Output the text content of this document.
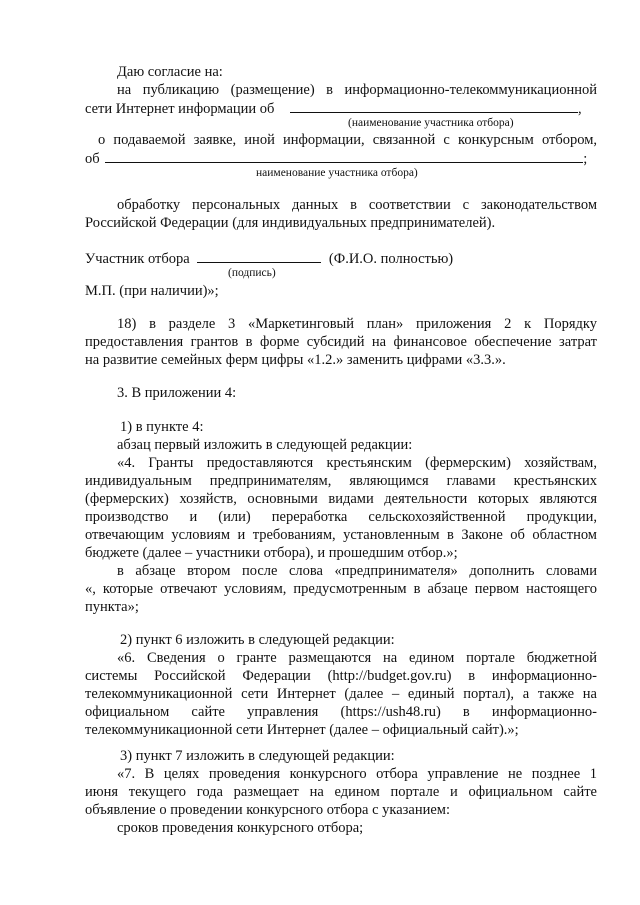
Даю согласие на:
на публикацию (размещение) в информационно-телекоммуникационной
сети Интернет информации об	,
(наименование участника отбора)
о подаваемой заявке, иной информации, связанной с конкурсным отбором,
об	;
наименование участника отбора)
обработку персональных данных в соответствии с законодательством
Российской Федерации (для индивидуальных предпринимателей).
Участник отбора	(Ф.И.О. полностью)
(подпись)
М.П. (при наличии)»;
18) в разделе 3 «Маркетинговый план» приложения 2 к Порядку
предоставления грантов в форме субсидий на финансовое обеспечение затрат
на развитие семейных ферм цифры «1.2.» заменить цифрами «3.3.».
3. В приложении 4:
1) в пункте 4:
абзац первый изложить в следующей редакции:
«4. Гранты предоставляются крестьянским (фермерским) хозяйствам,
индивидуальным предпринимателям, являющимся главами крестьянских
(фермерских) хозяйств, основными видами деятельности которых являются
производство и (или) переработка сельскохозяйственной продукции,
отвечающим условиям и требованиям, установленным в Законе об областном
бюджете (далее – участники отбора), и прошедшим отбор.»;
в абзаце втором после слова «предпринимателя» дополнить словами
«, которые отвечают условиям, предусмотренным в абзаце первом настоящего
пункта»;
2) пункт 6 изложить в следующей редакции:
«6. Сведения о гранте размещаются на едином портале бюджетной
системы Российской Федерации (http://budget.gov.ru) в информационно-
телекоммуникационной сети Интернет (далее – единый портал), а также на
официальном сайте управления (https://ush48.ru) в информационно-
телекоммуникационной сети Интернет (далее – официальный сайт).»;
3) пункт 7 изложить в следующей редакции:
«7. В целях проведения конкурсного отбора управление не позднее 1
июня текущего года размещает на едином портале и официальном сайте
объявление о проведении конкурсного отбора с указанием:
сроков проведения конкурсного отбора;
